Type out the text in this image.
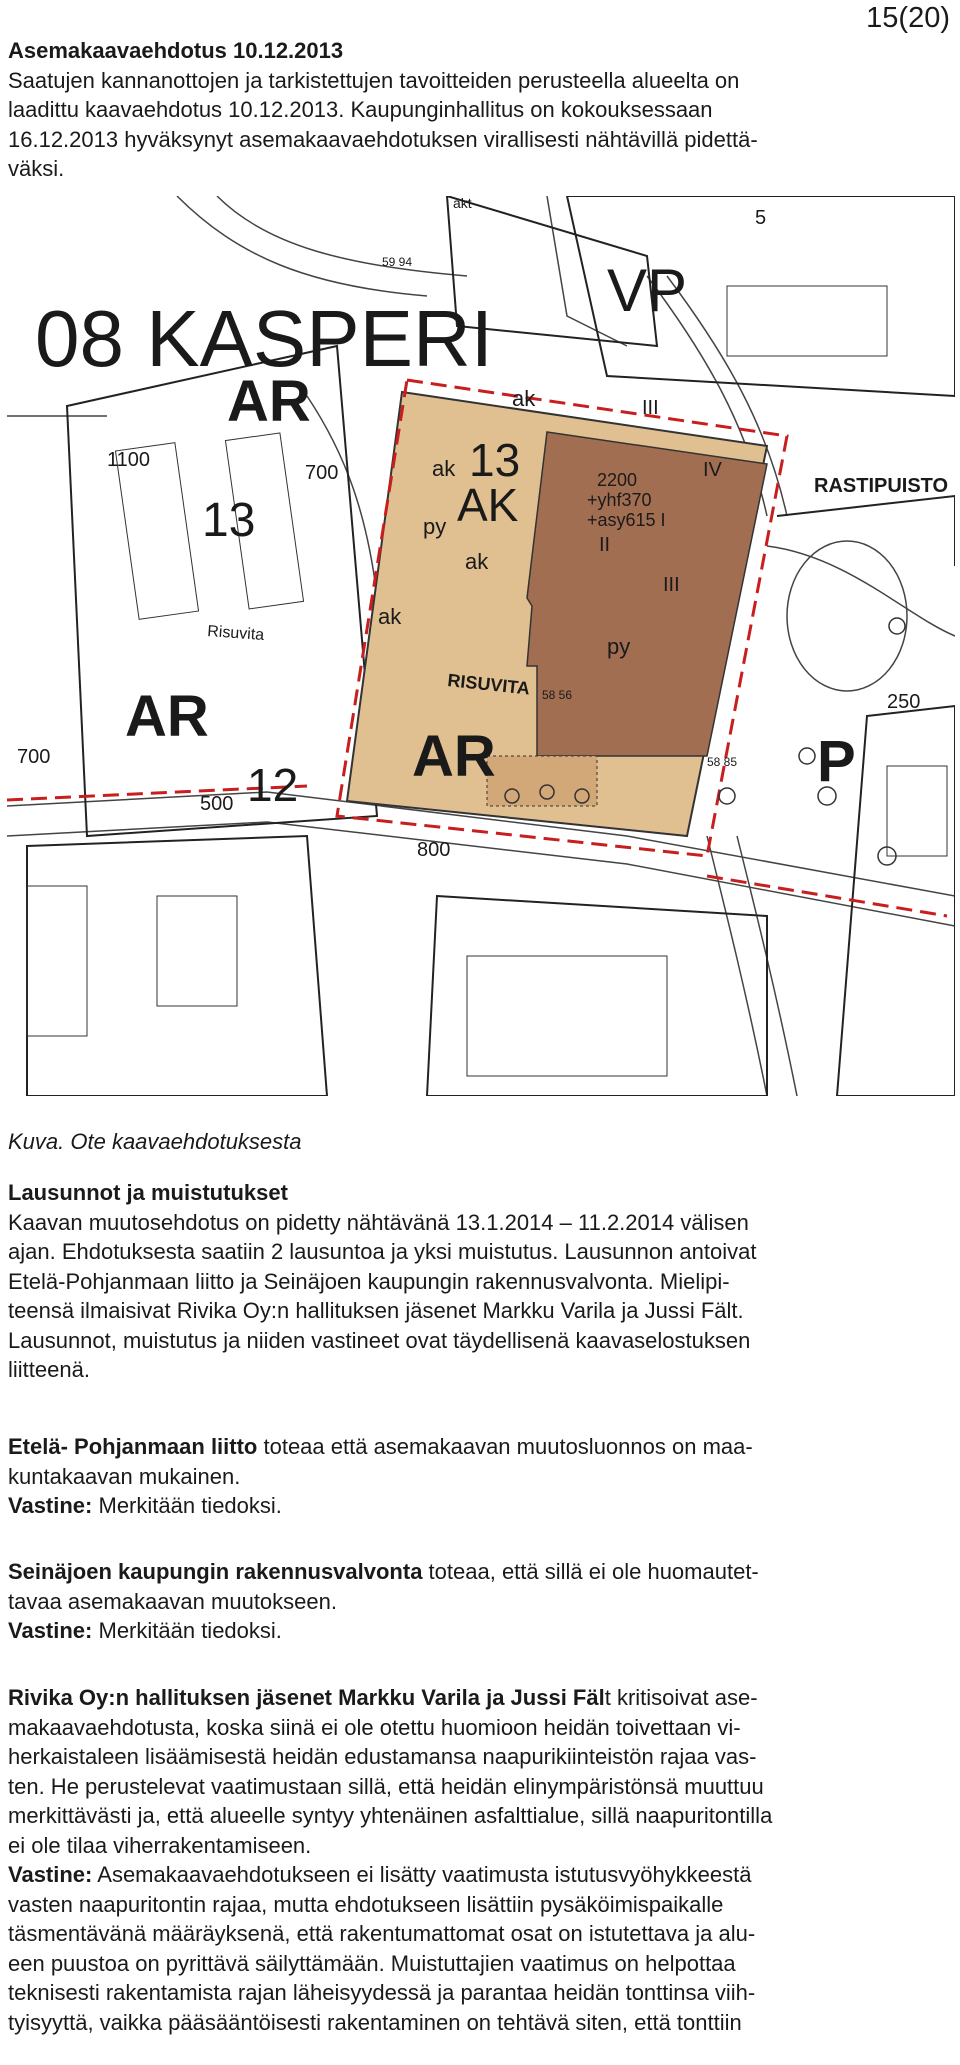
15(20)
Asemakaavaehdotus 10.12.2013
Saatujen kannanottojen ja tarkistettujen tavoitteiden perusteella alueelta on
laadittu kaavaehdotus 10.12.2013. Kaupunginhallitus on kokouksessaan
16.12.2013 hyväksynyt asemakaavaehdotuksen virallisesti nähtävillä pidettä-
väksi.
08 KASPERI
VP
AR
13
13
AK	RASTIPUISTO
AR
12 AR	P
RISUVITA
Risuvita
2200
+yhf370
+asy615 I
III
IV
II
III
ak
ak
ak
ak
py
py
1100
700
700
500
800
250
5
akt
58 56
58 85
59 94
Kuva. Ote kaavaehdotuksesta
Lausunnot ja muistutukset
Kaavan muutosehdotus on pidetty nähtävänä 13.1.2014 – 11.2.2014 välisen
ajan. Ehdotuksesta saatiin 2 lausuntoa ja yksi muistutus. Lausunnon antoivat
Etelä-Pohjanmaan liitto ja Seinäjoen kaupungin rakennusvalvonta. Mielipi-
teensä ilmaisivat Rivika Oy:n hallituksen jäsenet Markku Varila ja Jussi Fält.
Lausunnot, muistutus ja niiden vastineet ovat täydellisenä kaavaselostuksen
liitteenä.
Etelä- Pohjanmaan liitto toteaa että asemakaavan muutosluonnos on maa-
kuntakaavan mukainen.
Vastine: Merkitään tiedoksi.
Seinäjoen kaupungin rakennusvalvonta toteaa, että sillä ei ole huomautet-
tavaa asemakaavan muutokseen.
Vastine: Merkitään tiedoksi.
Rivika Oy:n hallituksen jäsenet Markku Varila ja Jussi Fält kritisoivat ase-
makaavaehdotusta, koska siinä ei ole otettu huomioon heidän toivettaan vi-
herkaistaleen lisäämisestä heidän edustamansa naapurikiinteistön rajaa vas-
ten. He perustelevat vaatimustaan sillä, että heidän elinympäristönsä muuttuu
merkittävästi ja, että alueelle syntyy yhtenäinen asfalttialue, sillä naapuritontilla
ei ole tilaa viherrakentamiseen.
Vastine: Asemakaavaehdotukseen ei lisätty vaatimusta istutusvyöhykkeestä
vasten naapuritontin rajaa, mutta ehdotukseen lisättiin pysäköimispaikalle
täsmentävänä määräyksenä, että rakentumattomat osat on istutettava ja alu-
een puustoa on pyrittävä säilyttämään. Muistuttajien vaatimus on helpottaa
teknisesti rakentamista rajan läheisyydessä ja parantaa heidän tonttinsa viih-
tyisyyttä, vaikka pääsääntöisesti rakentaminen on tehtävä siten, että tonttiin
